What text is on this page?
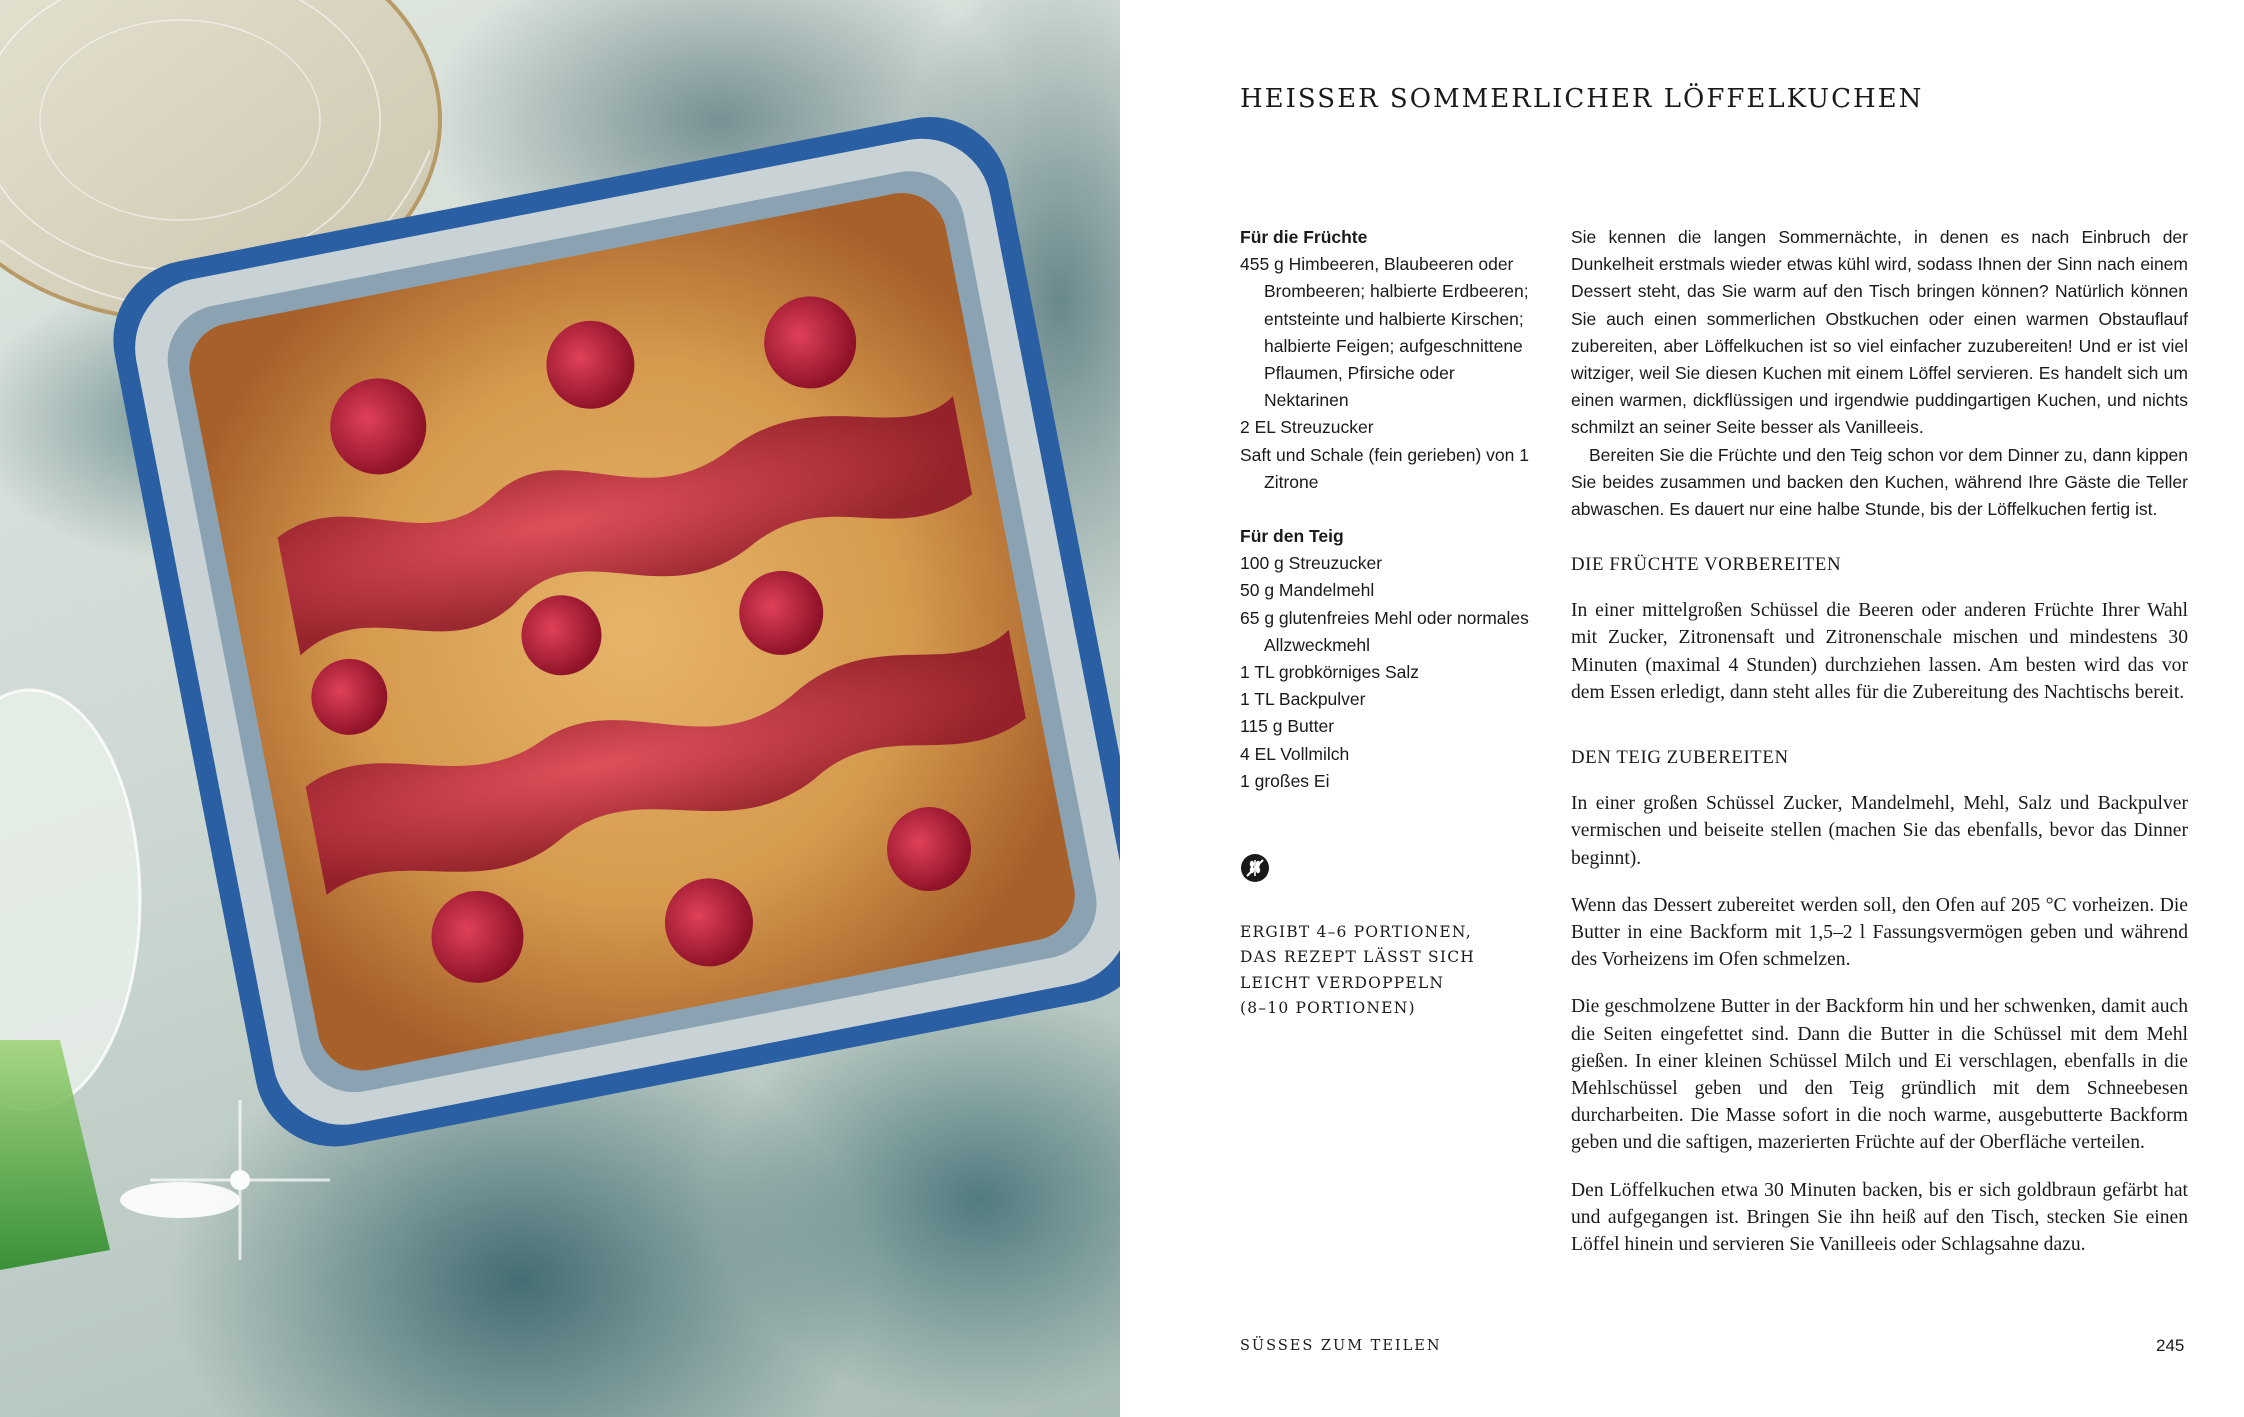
HEISSER SOMMERLICHER LÖFFELKUCHEN
Für die Früchte
455 g Himbeeren, Blaubeeren oder Brombeeren; halbierte Erdbeeren; entsteinte und halbierte Kirschen; halbierte Feigen; aufgeschnittene Pflaumen, Pfirsiche oder Nektarinen
2 EL Streuzucker
Saft und Schale (fein gerieben) von 1 Zitrone
Für den Teig
100 g Streuzucker
50 g Mandelmehl
65 g glutenfreies Mehl oder normales Allzweckmehl
1 TL grobkörniges Salz
1 TL Backpulver
115 g Butter
4 EL Vollmilch
1 großes Ei
ERGIBT 4–6 PORTIONEN,
DAS REZEPT LÄSST SICH
LEICHT VERDOPPELN
(8–10 PORTIONEN)

Sie kennen die langen Sommernächte, in denen es nach Einbruch der Dunkelheit erstmals wieder etwas kühl wird, sodass Ihnen der Sinn nach einem Dessert steht, das Sie warm auf den Tisch bringen können? Natürlich können Sie auch einen sommerlichen Obstkuchen oder einen warmen Obstauflauf zubereiten, aber Löffelkuchen ist so viel einfacher zuzubereiten! Und er ist viel witziger, weil Sie diesen Kuchen mit einem Löffel servieren. Es handelt sich um einen warmen, dickflüssigen und irgendwie puddingartigen Kuchen, und nichts schmilzt an seiner Seite besser als Vanilleeis.

Bereiten Sie die Früchte und den Teig schon vor dem Dinner zu, dann kippen Sie beides zusammen und backen den Kuchen, während Ihre Gäste die Teller abwaschen. Es dauert nur eine halbe Stunde, bis der Löffelkuchen fertig ist.

DIE FRÜCHTE VORBEREITEN

In einer mittelgroßen Schüssel die Beeren oder anderen Früchte Ihrer Wahl mit Zucker, Zitronensaft und Zitronenschale mischen und mindestens 30 Minuten (maximal 4 Stunden) durchziehen lassen. Am besten wird das vor dem Essen erledigt, dann steht alles für die Zubereitung des Nachtischs bereit.

DEN TEIG ZUBEREITEN

In einer großen Schüssel Zucker, Mandelmehl, Mehl, Salz und Backpulver vermischen und beiseite stellen (machen Sie das ebenfalls, bevor das Dinner beginnt).

Wenn das Dessert zubereitet werden soll, den Ofen auf 205 °C vorheizen. Die Butter in eine Backform mit 1,5–2 l Fassungsvermögen geben und während des Vorheizens im Ofen schmelzen.

Die geschmolzene Butter in der Backform hin und her schwenken, damit auch die Seiten eingefettet sind. Dann die Butter in die Schüssel mit dem Mehl gießen. In einer kleinen Schüssel Milch und Ei verschlagen, ebenfalls in die Mehlschüssel geben und den Teig gründlich mit dem Schneebesen durcharbeiten. Die Masse sofort in die noch warme, ausgebutterte Backform geben und die saftigen, mazerierten Früchte auf der Oberfläche verteilen.

Den Löffelkuchen etwa 30 Minuten backen, bis er sich goldbraun gefärbt hat und aufgegangen ist. Bringen Sie ihn heiß auf den Tisch, stecken Sie einen Löffel hinein und servieren Sie Vanilleeis oder Schlagsahne dazu.

SÜSSES ZUM TEILEN	245
